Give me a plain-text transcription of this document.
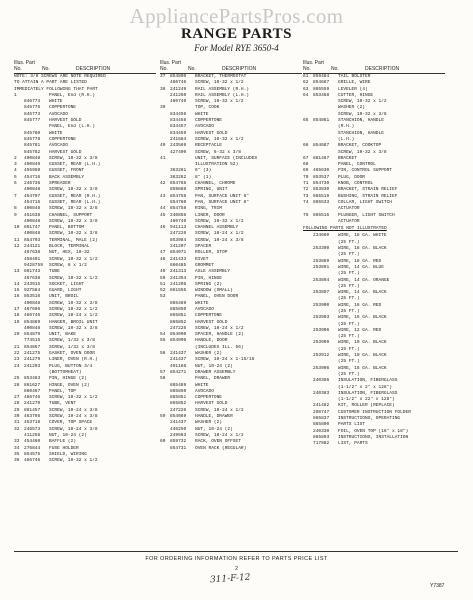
AppliancePartsPros.com
RANGE PARTS
For Model RYE 3650-4
Illus. Part
No.	No.	DESCRIPTION
NOTE: 3/8 SCREWS ARE NOTE REQUIRED
TO ATTAIN A PART ARE LISTED
IMMEDIATELY FOLLOWING THAT PART
1	PANEL, End (R.H.)
846774	WHITE
845776	COPPERTONE
845773	AVOCADO
845777	HARVEST GOLD
PANEL, End (L.H.)
845780	WHITE
845778	COPPERTONE
845781	AVOCADO
845782	HARVEST GOLD
2	400848	SCREW, 10-32 x 3/8
3	400849	GUSSET, REAR (L.H.)
4	455950	GUSSET, FRONT
5	454716	BACK ASSEMBLY
6	246736	SPREADER
400848	SCREW, 10-32 x 3/8
7	454707	GUSSET, REAR (R.H.)
454716	GUSSET, REAR (L.H.)
8	400848	SCREW, 10-32 x 3/8
9	451638	CHANNEL, SUPPORT
400848	SCREW, 10-32 x 3/8
10	861747	PANEL, BOTTOM
400848	SCREW, 10-32 x 3/8
11	854703	TERMINAL, MALE (2)
12	244121	BLOCK, TERMINAL
467638	NUT, HEX, 10-32
458401	SCREW, 10-32 x 1/2
9428759	SCREW, 8 x 1/2
13	861743	TUBE
467638	SCREW, 10-32 x 1/2
14	243915	SOCKET, LIGHT
15	927584	GUARD, LIGHT
16	853516	UNIT, BROIL
400848	SCREW, 10-32 x 3/8
17	467696	SCREW, 10-32 x 1/2
18	486746	SCREW, 10-24 x 1/2
19	854889	HANGER, BROIL UNIT
400848	SCREW, 10-32 x 3/8
20	854879	UNIT, BAKE
774515	SCREW, 1/32 x 3/8
21	854867	SCREW, 1/32 x 3/8
22	241275	GASKET, OVEN DOOR
23	241279	LINER, OVEN (R.H.)
24	241293	PLUG, BUTTON 3/4
(BOTTOMHEAT)
25	853483	PIN, HINGE (2)
26	861627	HINGE, OVEN (2)
860467	PANEL, TOP
27	486746	SCREW, 10-32 x 1/2
28	241270	TUBE, VENT
29	861457	SCREW, 10-24 x 3/8
30	463795	SCREW, 10-24 x 3/8
31	453718	COVER, TOP SPACE
32	246573	SCREW, 10-24 x 3/8
411256	NUT, 10-24 (2)
33	454460	BAFFLE (2)
34	276844	FUSE HOLDER
35	854575	SHIELD, WIRING
36	486746	SCREW, 10-32 x 1/2
Illus. Part
No.	No.	DESCRIPTION
37	854890	BRACKET, THERMOSTAT
486746	SCREW, 10-32 x 1/2
38	241249	RAIL ASSEMBLY (R.H.)
241250	RAIL ASSEMBLY (L.H.)
486746	SCREW, 10-32 x 1/2
39	TOP, COOK
834456	WHITE
834458	COPPERTONE
834457	AVOCADO
834459	HARVEST GOLD
241684	SCREW, 10-32 x 1/2
40	243569	RECEPTACLE
427490	SCREW, 6-32 x 3/8
41	UNIT, SURFACE (INCLUDES
ILLUSTRATION 52)
363261	6" (3)
363262	8" (1)
42	854768	CHANNEL, CHROME
859888	SPRING, UNIT
43	854759	PAN, SURFACE UNIT 6"
854760	PAN, SURFACE UNIT 8"
44	854758	RING, TRIM
45	240858	LINER, DOOR
486746	SCREW, 10-32 x 1/2
46	941113	CHANNEL ASSEMBLY
247226	SCREW, 10-24 x 1/2
853984	SCREW, 10-24 x 3/8
241207	SPACER
47	854071	ROLLER, STOP
48	241433	RIVET
860485	GROMMET
49	241313	AXLE ASSEMBLY
50	241354	PIN, HINGE
51	241296	SPRING (2)
52	861555	WINDOW (SMALL)
53	PANEL, OVEN DOOR
865489	WHITE
865850	AVOCADO
865851	COPPERTONE
865852	HARVEST GOLD
247226	SCREW, 10-24 x 1/2
54	854090	SPACER, HANDLE (2)
55	854090	HANDLE, DOOR
(INCLUDES ILL. 56)
56	241437	WASHER (2)
241437	SCREW, 10-24 x 1-15/16
491166	NUT, 10-24 (2)
57	854271	DRAWER ASSEMBLY
58	PANEL, DRAWER
865489	WHITE
865850	AVOCADO
865851	COPPERTONE
865852	HARVEST GOLD
247226	SCREW, 10-24 x 1/2
59	854089	HANDLE, DRAWER
241437	WASHER (2)
446250	NUT, 10-24 (2)
249663	SCREW, 10-24 x 1/2
60	859732	RACK, OVEN OFFSET
854731	OVEN RACK (REGULAR)
Illus. Part
No.	No.	DESCRIPTION
61	859484	TAIL BOLSTER
62	854687	GRILLE, WIRE
63	865559	LEVELER (4)
64	853468	CUTTER, HINGE
SCREW, 10-32 x 1/2
WASHER (2)
SCREW, 10-32 x 3/8
65	854861	STANCHION, HANDLE
(R.H.)
STANCHION, HANDLE
(L.H.)
66	854687	BRACKET, COOKTOP
SCREW, 10-32 x 3/8
67	861487	BRACKET
68	PANEL, CONTROL
69	465630	PIN, CONTROL SUPPORT
70	853537	PLUG, DOOR
71	854730	KNOB, CONTROL
72	853830	BRACKET, STRAIN RELIEF
73	865519	BUSHING, STRAIN RELIEF
74	865533	COLLAR, LIGHT SWITCH
ACTUATOR
75	865515	PLUNGER, LIGHT SWITCH
ACTUATOR
FOLLOWING PARTS NOT ILLUSTRATED
234660	WIRE, 18 GA. WHITE
(25 FT.)
253390	WIRE, 18 GA. BLACK
(25 FT.)
253889	WIRE, 18 GA. RED
253891	WIRE, 14 GA. BLUE
(25 FT.)
253894	WIRE, 14 GA. ORANGE
(25 FT.)
253897	WIRE, 14 GA. BLACK
(25 FT.)
253900	WIRE, 16 GA. RED
(25 FT.)
253903	WIRE, 16 GA. BLACK
(25 FT.)
253906	WIRE, 12 GA. RED
(25 FT.)
253909	WIRE, 10 GA. BLACK
(25 FT.)
253912	WIRE, 10 GA. BLACK
(25 FT.)
253996	WIRE, 16 GA. BLACK
(25 FT.)
240386	INSULATION, FIBERGLASS
(1-1/2" x 2" x 128")
240383	INSULATION, FIBERGLASS
(1-1/2" x 22" x 128")
241482	KIT, ROLLER (REPLACE)
298747	CUSTOMER INSTRUCTION FOLDER
865837	INSTRUCTIONS, OPERATING
865800	PARTS LIST
240330	FOIL, OVEN TOP (16" x 18")
865803	INSTRUCTIONS, INSTALLATION
717882	LIST, PARTS
FOR ORDERING INFORMATION REFER TO PARTS PRICE LIST
2
311-F-12
Y7387
